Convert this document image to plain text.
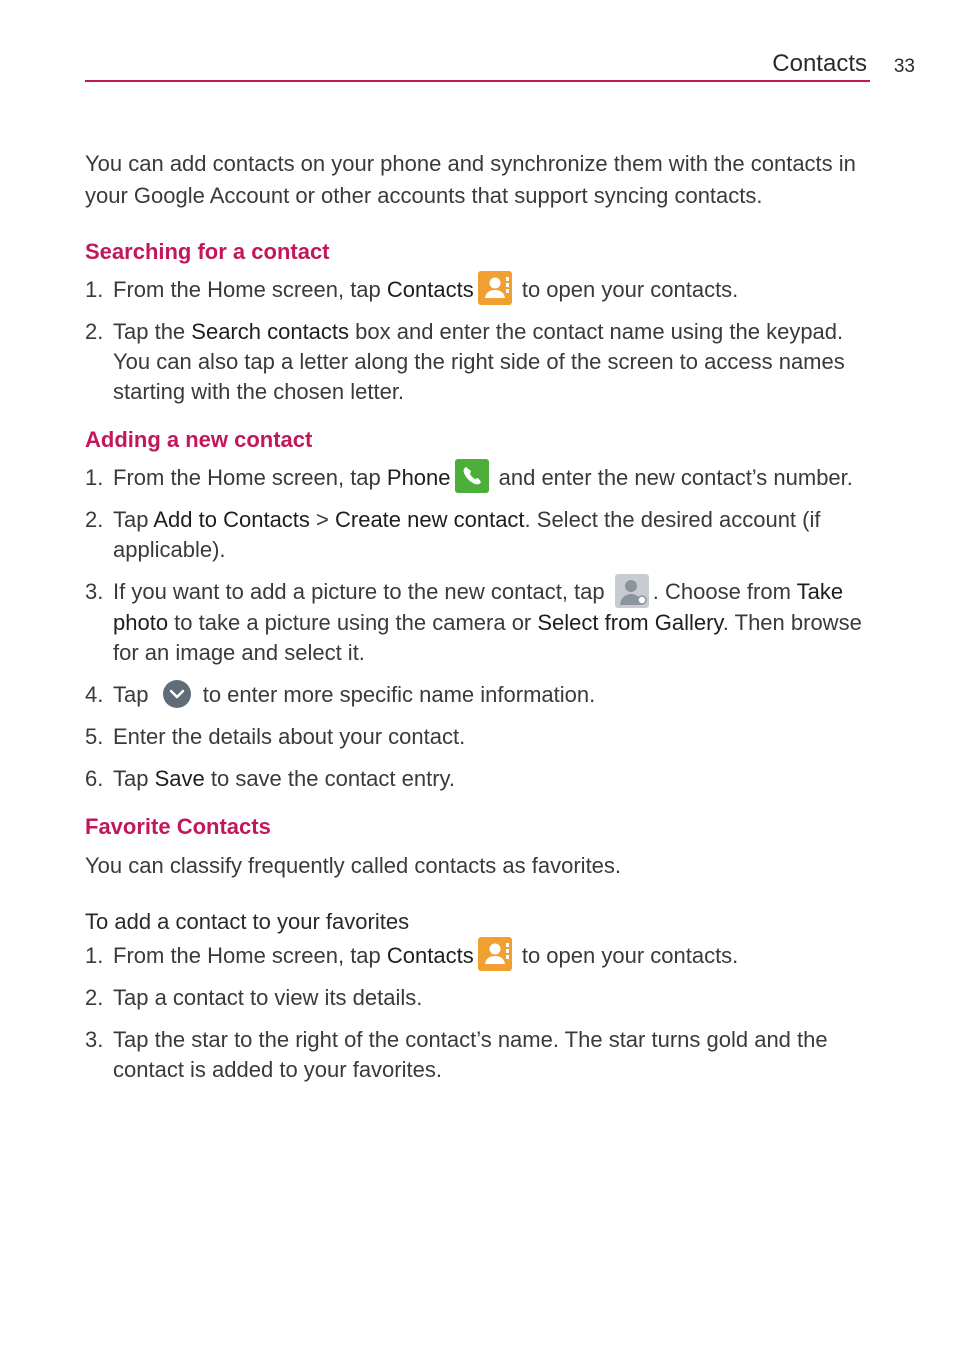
Contacts 33

You can add contacts on your phone and synchronize them with the contacts in your Google Account or other accounts that support syncing contacts.

Searching for a contact

1. From the Home screen, tap Contacts
to open your contacts.
2. Tap the Search contacts box and enter the contact name using the keypad. You can also tap a letter along the right side of the screen to access names starting with the chosen letter.

Adding a new contact

1. From the Home screen, tap Phone
and enter the new contact’s number.
2. Tap Add to Contacts > Create new contact. Select the desired account (if applicable).
3. If you want to add a picture to the new contact, tap
. Choose from Take photo to take a picture using the camera or Select from Gallery. Then browse for an image and select it.
4. Tap
to enter more specific name information.
5. Enter the details about your contact.
6. Tap Save to save the contact entry.

Favorite Contacts

You can classify frequently called contacts as favorites.

To add a contact to your favorites

1. From the Home screen, tap Contacts
to open your contacts.
2. Tap a contact to view its details.
3. Tap the star to the right of the contact’s name. The star turns gold and the contact is added to your favorites.
